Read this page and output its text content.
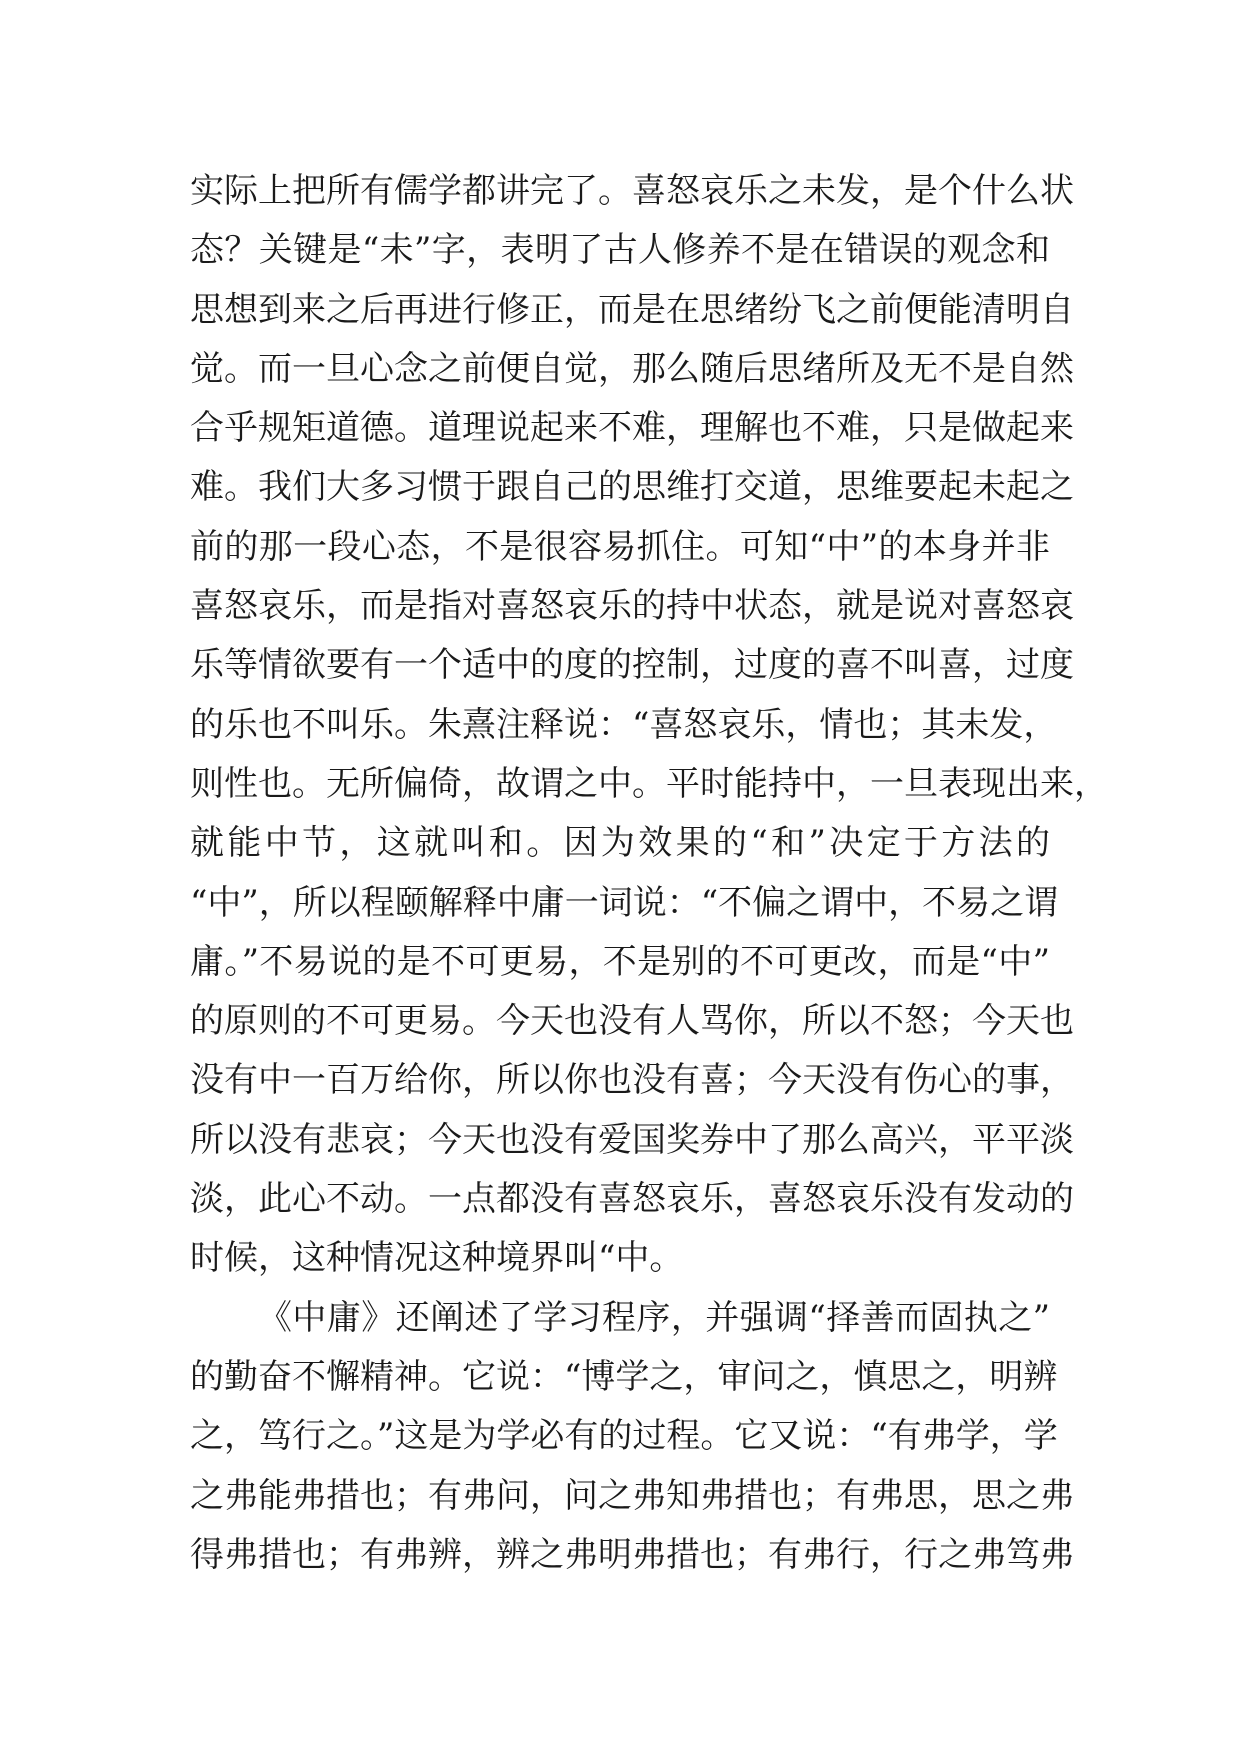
实际上把所有儒学都讲完了。喜怒哀乐之未发，是个什么状
态？关键是“未”字，表明了古人修养不是在错误的观念和
思想到来之后再进行修正，而是在思绪纷飞之前便能清明自
觉。而一旦心念之前便自觉，那么随后思绪所及无不是自然
合乎规矩道德。道理说起来不难，理解也不难，只是做起来
难。我们大多习惯于跟自己的思维打交道，思维要起未起之
前的那一段心态，不是很容易抓住。可知“中”的本身并非
喜怒哀乐，而是指对喜怒哀乐的持中状态，就是说对喜怒哀
乐等情欲要有一个适中的度的控制，过度的喜不叫喜，过度
的乐也不叫乐。朱熹注释说：“喜怒哀乐，情也；其未发，
则性也。无所偏倚，故谓之中。平时能持中，一旦表现出来，
就能中节，这就叫和。因为效果的“和”决定于方法的
“中”，所以程颐解释中庸一词说：“不偏之谓中，不易之谓
庸。”不易说的是不可更易，不是别的不可更改，而是“中”
的原则的不可更易。今天也没有人骂你，所以不怒；今天也
没有中一百万给你，所以你也没有喜；今天没有伤心的事，
所以没有悲哀；今天也没有爱国奖券中了那么高兴，平平淡
淡，此心不动。一点都没有喜怒哀乐，喜怒哀乐没有发动的
时候，这种情况这种境界叫“中。
《中庸》还阐述了学习程序，并强调“择善而固执之”
的勤奋不懈精神。它说：“博学之，审问之，慎思之，明辨
之，笃行之。”这是为学必有的过程。它又说：“有弗学，学
之弗能弗措也；有弗问，问之弗知弗措也；有弗思，思之弗
得弗措也；有弗辨，辨之弗明弗措也；有弗行，行之弗笃弗
